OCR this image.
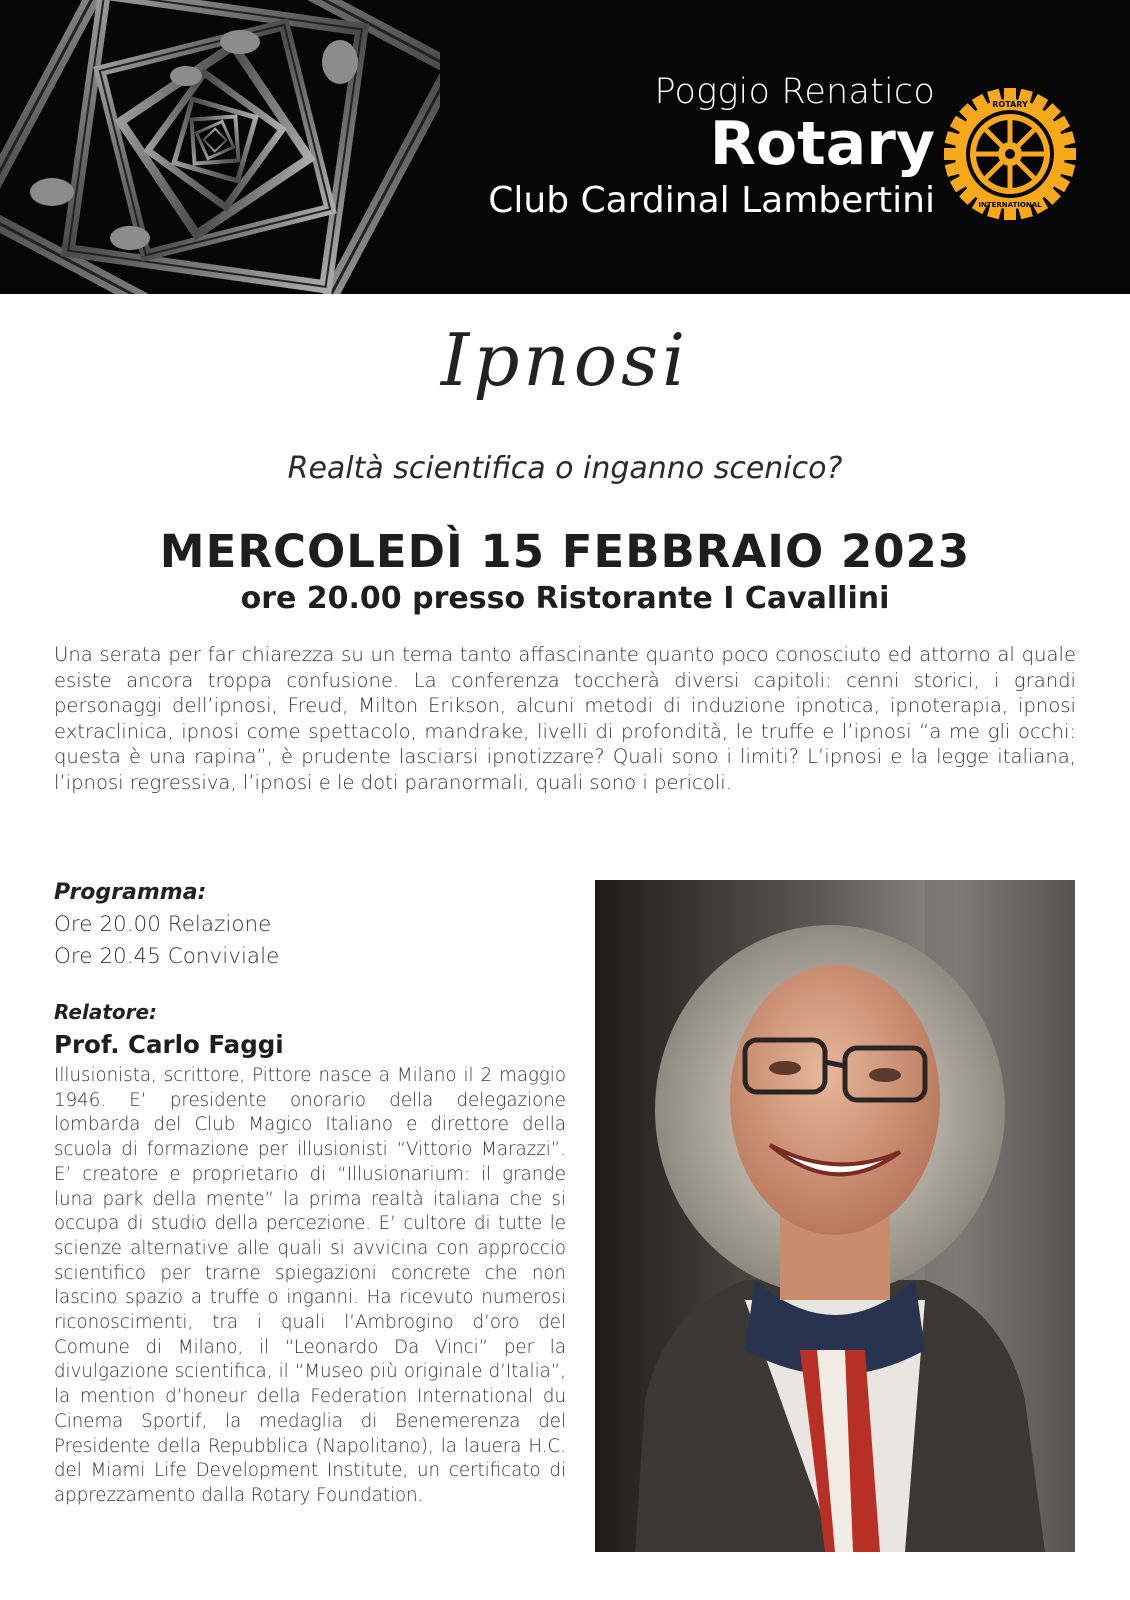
Poggio Renatico
Rotary
Club Cardinal Lambertini
ROTARY
INTERNATIONAL
Ipnosi
Realtà scientifica o inganno scenico?
MERCOLEDÌ 15 FEBBRAIO 2023
ore 20.00 presso Ristorante I Cavallini

Una serata per far chiarezza su un tema tanto affascinante quanto poco conosciuto ed attorno al quale esiste ancora troppa confusione. La conferenza toccherà diversi capitoli: cenni storici, i grandi personaggi dell’ipnosi, Freud, Milton Erikson, alcuni metodi di induzione ipnotica, ipnoterapia, ipnosi extraclinica, ipnosi come spettacolo, mandrake, livelli di profondità, le truffe e l’ipnosi “a me gli occhi: questa è una rapina”, è prudente lasciarsi ipnotizzare? Quali sono i limiti? L’ipnosi e la legge italiana, l’ipnosi regressiva, l’ipnosi e le doti paranormali, quali sono i pericoli.

Programma:
Ore 20.00 Relazione
Ore 20.45 Conviviale
Relatore:
Prof. Carlo Faggi

Illusionista, scrittore, Pittore nasce a Milano il 2 maggio 1946. E’ presidente onorario della delegazione lombarda del Club Magico Italiano e direttore della scuola di formazione per illusionisti “Vittorio Marazzi”. E’ creatore e proprietario di “Illusionarium: il grande luna park della mente” la prima realtà italiana che si occupa di studio della percezione. E’ cultore di tutte le scienze alternative alle quali si avvicina con approccio scientifico per trarne spiegazioni concrete che non lascino spazio a truffe o inganni. Ha ricevuto numerosi riconoscimenti, tra i quali l’Ambrogino d’oro del Comune di Milano, il “Leonardo Da Vinci” per la divulgazione scientifica, il “Museo più originale d’Italia”, la mention d’honeur della Federation International du Cinema Sportif, la medaglia di Benemerenza del Presidente della Repubblica (Napolitano), la lauera H.C. del Miami Life Development Institute, un certificato di apprezzamento dalla Rotary Foundation.
